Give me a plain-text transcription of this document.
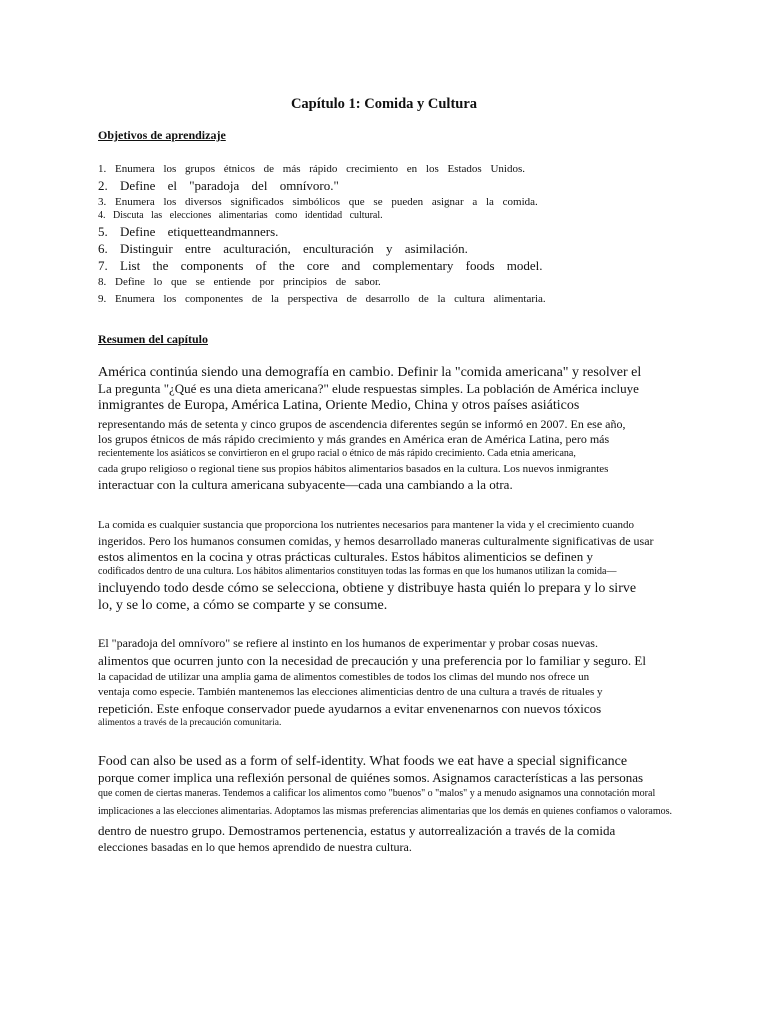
Capítulo 1: Comida y Cultura
Objetivos de aprendizaje
1. Enumera los grupos étnicos de más rápido crecimiento en los Estados Unidos.
2. Define el "paradoja del omnívoro."
3. Enumera los diversos significados simbólicos que se pueden asignar a la comida.
4. Discuta las elecciones alimentarias como identidad cultural.
5. Define etiquetteandmanners.
6. Distinguir entre aculturación, enculturación y asimilación.
7. List the components of the core and complementary foods model.
8. Define lo que se entiende por principios de sabor.
9. Enumera los componentes de la perspectiva de desarrollo de la cultura alimentaria.
Resumen del capítulo
América continúa siendo una demografía en cambio. Definir la "comida americana" y resolver el
La pregunta "¿Qué es una dieta americana?" elude respuestas simples. La población de América incluye
inmigrantes de Europa, América Latina, Oriente Medio, China y otros países asiáticos
representando más de setenta y cinco grupos de ascendencia diferentes según se informó en 2007. En ese año,
los grupos étnicos de más rápido crecimiento y más grandes en América eran de América Latina, pero más
recientemente los asiáticos se convirtieron en el grupo racial o étnico de más rápido crecimiento. Cada etnia americana,
cada grupo religioso o regional tiene sus propios hábitos alimentarios basados en la cultura. Los nuevos inmigrantes
interactuar con la cultura americana subyacente—cada una cambiando a la otra.
La comida es cualquier sustancia que proporciona los nutrientes necesarios para mantener la vida y el crecimiento cuando
ingeridos. Pero los humanos consumen comidas, y hemos desarrollado maneras culturalmente significativas de usar
estos alimentos en la cocina y otras prácticas culturales. Estos hábitos alimenticios se definen y
codificados dentro de una cultura. Los hábitos alimentarios constituyen todas las formas en que los humanos utilizan la comida—
incluyendo todo desde cómo se selecciona, obtiene y distribuye hasta quién lo prepara y lo sirve
lo, y se lo come, a cómo se comparte y se consume.
El "paradoja del omnívoro" se refiere al instinto en los humanos de experimentar y probar cosas nuevas.
alimentos que ocurren junto con la necesidad de precaución y una preferencia por lo familiar y seguro. El
la capacidad de utilizar una amplia gama de alimentos comestibles de todos los climas del mundo nos ofrece un
ventaja como especie. También mantenemos las elecciones alimenticias dentro de una cultura a través de rituales y
repetición. Este enfoque conservador puede ayudarnos a evitar envenenarnos con nuevos tóxicos
alimentos a través de la precaución comunitaria.
Food can also be used as a form of self-identity. What foods we eat have a special significance
porque comer implica una reflexión personal de quiénes somos. Asignamos características a las personas
que comen de ciertas maneras. Tendemos a calificar los alimentos como "buenos" o "malos" y a menudo asignamos una connotación moral
implicaciones a las elecciones alimentarias. Adoptamos las mismas preferencias alimentarias que los demás en quienes confiamos o valoramos.
dentro de nuestro grupo. Demostramos pertenencia, estatus y autorrealización a través de la comida
elecciones basadas en lo que hemos aprendido de nuestra cultura.
